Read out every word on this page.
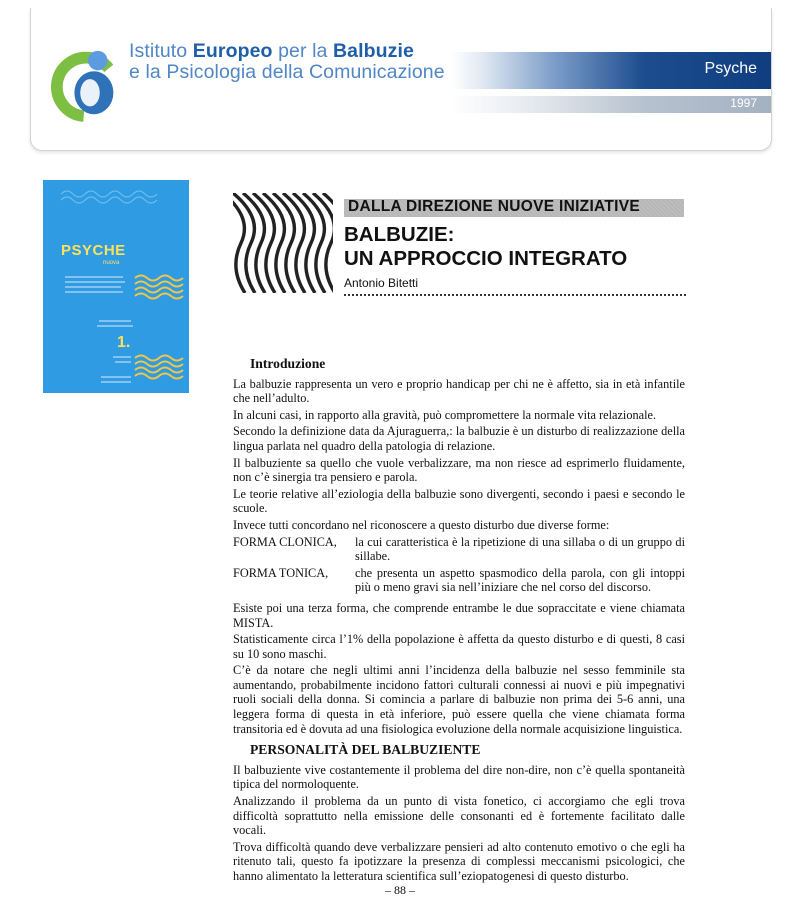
Istituto Europeo per la Balbuzie
e la Psicologia della Comunicazione	Psyche
1997
PSYCHE
nuova
1.
DALLA DIREZIONE NUOVE INIZIATIVE
BALBUZIE:
UN APPROCCIO INTEGRATO
Antonio Bitetti
Introduzione
La balbuzie rappresenta un vero e proprio handicap per chi ne è affetto, sia in età infantile che nell’adulto.
In alcuni casi, in rapporto alla gravità, può compromettere la normale vita relazionale.
Secondo la definizione data da Ajuraguerra,: la balbuzie è un disturbo di realizzazione della lingua parlata nel quadro della patologia di relazione.
Il balbuziente sa quello che vuole verbalizzare, ma non riesce ad esprimerlo fluidamente, non c’è sinergia tra pensiero e parola.
Le teorie relative all’eziologia della balbuzie sono divergenti, secondo i paesi e secondo le scuole.
Invece tutti concordano nel riconoscere a questo disturbo due diverse forme:
FORMA CLONICA,	la cui caratteristica è la ripetizione di una sillaba o di un gruppo di sillabe.
FORMA TONICA,	che presenta un aspetto spasmodico della parola, con gli intoppi più o meno gravi sia nell’iniziare che nel corso del discorso.
Esiste poi una terza forma, che comprende entrambe le due sopraccitate e viene chiamata MISTA.
Statisticamente circa l’1% della popolazione è affetta da questo disturbo e di questi, 8 casi su 10 sono maschi.
C’è da notare che negli ultimi anni l’incidenza della balbuzie nel sesso femminile sta aumentando, probabilmente incidono fattori culturali connessi ai nuovi e più impegnativi ruoli sociali della donna. Si comincia a parlare di balbuzie non prima dei 5-6 anni, una leggera forma di questa in età inferiore, può essere quella che viene chiamata forma transitoria ed è dovuta ad una fisiologica evoluzione della normale acquisizione linguistica.
PERSONALITÀ DEL BALBUZIENTE
Il balbuziente vive costantemente il problema del dire non-dire, non c’è quella spontaneità tipica del normoloquente.
Analizzando il problema da un punto di vista fonetico, ci accorgiamo che egli trova difficoltà soprattutto nella emissione delle consonanti ed è fortemente facilitato dalle vocali.
Trova difficoltà quando deve verbalizzare pensieri ad alto contenuto emotivo o che egli ha ritenuto tali, questo fa ipotizzare la presenza di complessi meccanismi psicologici, che hanno alimentato la letteratura scientifica sull’eziopatogenesi di questo disturbo.
– 88 –
